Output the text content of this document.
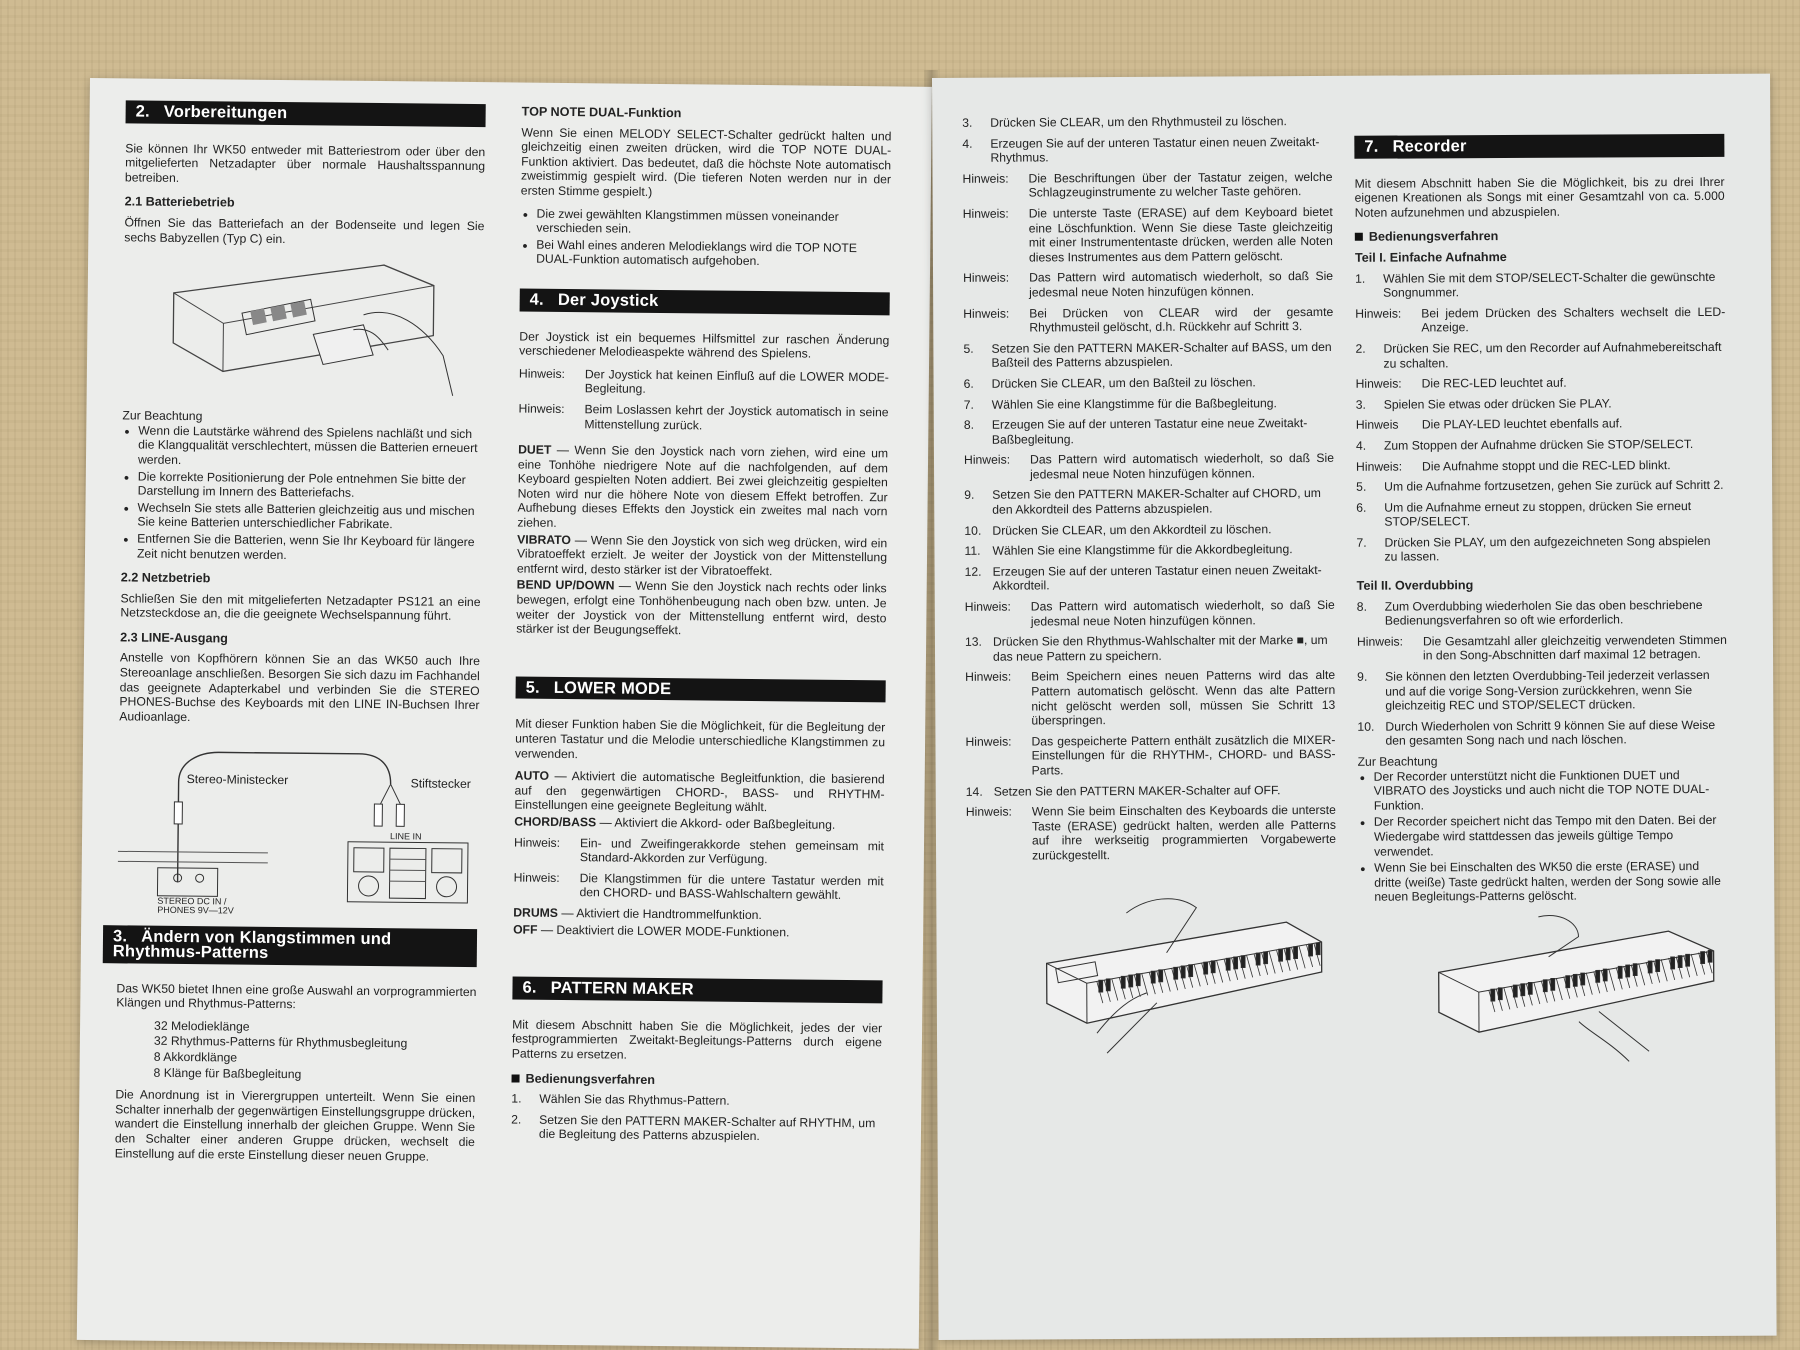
2. Vorbereitungen

Sie können Ihr WK50 entweder mit Batteriestrom oder über den mitgelieferten Netzadapter über normale Haushaltsspannung betreiben.

2.1 Batteriebetrieb

Öffnen Sie das Batteriefach an der Bodenseite und legen Sie sechs Babyzellen (Typ C) ein.

Zur Beachtung
● Wenn die Lautstärke während des Spielens nachläßt und sich die Klangqualität verschlechtert, müssen die Batterien erneuert werden.
● Die korrekte Positionierung der Pole entnehmen Sie bitte der Darstellung im Innern des Batteriefachs.
● Wechseln Sie stets alle Batterien gleichzeitig aus und mischen Sie keine Batterien unterschiedlicher Fabrikate.
● Entfernen Sie die Batterien, wenn Sie Ihr Keyboard für längere Zeit nicht benutzen werden.
2.2 Netzbetrieb

Schließen Sie den mit mitgelieferten Netzadapter PS121 an eine Netzsteckdose an, die die geeignete Wechselspannung führt.

2.3 LINE-Ausgang

Anstelle von Kopfhörern können Sie an das WK50 auch Ihre Stereoanlage anschließen. Besorgen Sie sich dazu im Fachhandel das geeignete Adapterkabel und verbinden Sie die STEREO PHONES-Buchse des Keyboards mit den LINE IN-Buchsen Ihrer Audioanlage.

Stereo-Ministecker	Stiftstecker
LINE IN
STEREO DC IN / PHONES 9V—12V
3. Ändern von Klangstimmen und Rhythmus-Patterns

Das WK50 bietet Ihnen eine große Auswahl an vorprogrammierten Klängen und Rhythmus-Patterns:

32 Melodieklänge
32 Rhythmus-Patterns für Rhythmusbegleitung
8 Akkordklänge
8 Klänge für Baßbegleitung

Die Anordnung ist in Vierergruppen unterteilt. Wenn Sie einen Schalter innerhalb der gegenwärtigen Einstellungsgruppe drücken, wandert die Einstellung innerhalb der gleichen Gruppe. Wenn Sie den Schalter einer anderen Gruppe drücken, wechselt die Einstellung auf die erste Einstellung dieser neuen Gruppe.

TOP NOTE DUAL-Funktion

Wenn Sie einen MELODY SELECT-Schalter gedrückt halten und gleichzeitig einen zweiten drücken, wird die TOP NOTE DUAL-Funktion aktiviert. Das bedeutet, daß die höchste Note automatisch zweistimmig gespielt wird. (Die tieferen Noten werden nur in der ersten Stimme gespielt.)

● Die zwei gewählten Klangstimmen müssen voneinander verschieden sein.
● Bei Wahl eines anderen Melodieklangs wird die TOP NOTE DUAL-Funktion automatisch aufgehoben.
4. Der Joystick

Der Joystick ist ein bequemes Hilfsmittel zur raschen Änderung verschiedener Melodieaspekte während des Spielens.

Hinweis:	Der Joystick hat keinen Einfluß auf die LOWER MODE-Begleitung.
Hinweis:	Beim Loslassen kehrt der Joystick automatisch in seine Mittenstellung zurück.

DUET — Wenn Sie den Joystick nach vorn ziehen, wird eine um eine Tonhöhe niedrigere Note auf die nachfolgenden, auf dem Keyboard gespielten Noten addiert. Bei zwei gleichzeitig gespielten Noten wird nur die höhere Note von diesem Effekt betroffen. Zur Aufhebung dieses Effekts den Joystick ein zweites mal nach vorn ziehen.

VIBRATO — Wenn Sie den Joystick von sich weg drücken, wird ein Vibratoeffekt erzielt. Je weiter der Joystick von der Mittenstellung entfernt wird, desto stärker ist der Vibratoeffekt.

BEND UP/DOWN — Wenn Sie den Joystick nach rechts oder links bewegen, erfolgt eine Tonhöhenbeugung nach oben bzw. unten. Je weiter der Joystick von der Mittenstellung entfernt wird, desto stärker ist der Beugungseffekt.

5. LOWER MODE

Mit dieser Funktion haben Sie die Möglichkeit, für die Begleitung der unteren Tastatur und die Melodie unterschiedliche Klangstimmen zu verwenden.

AUTO — Aktiviert die automatische Begleitfunktion, die basierend auf den gegenwärtigen CHORD-, BASS- und RHYTHM-Einstellungen eine geeignete Begleitung wählt.

CHORD/BASS — Aktiviert die Akkord- oder Baßbegleitung.

Hinweis:	Ein- und Zweifingerakkorde stehen gemeinsam mit Standard-Akkorden zur Verfügung.
Hinweis:	Die Klangstimmen für die untere Tastatur werden mit den CHORD- und BASS-Wahlschaltern gewählt.

DRUMS — Aktiviert die Handtrommelfunktion.

OFF — Deaktiviert die LOWER MODE-Funktionen.

6. PATTERN MAKER

Mit diesem Abschnitt haben Sie die Möglichkeit, jedes der vier festprogrammierten Zweitakt-Begleitungs-Patterns durch eigene Patterns zu ersetzen.

Bedienungsverfahren
1.	Wählen Sie das Rhythmus-Pattern.
2.	Setzen Sie den PATTERN MAKER-Schalter auf RHYTHM, um die Begleitung des Patterns abzuspielen.
3.	Drücken Sie CLEAR, um den Rhythmusteil zu löschen.
4.	Erzeugen Sie auf der unteren Tastatur einen neuen Zweitakt-Rhythmus.
Hinweis:	Die Beschriftungen über der Tastatur zeigen, welche Schlagzeuginstrumente zu welcher Taste gehören.
Hinweis:	Die unterste Taste (ERASE) auf dem Keyboard bietet eine Löschfunktion. Wenn Sie diese Taste gleichzeitig mit einer Instrumententaste drücken, werden alle Noten dieses Instrumentes aus dem Pattern gelöscht.
Hinweis:	Das Pattern wird automatisch wiederholt, so daß Sie jedesmal neue Noten hinzufügen können.
Hinweis:	Bei Drücken von CLEAR wird der gesamte Rhythmusteil gelöscht, d.h. Rückkehr auf Schritt 3.
5.	Setzen Sie den PATTERN MAKER-Schalter auf BASS, um den Baßteil des Patterns abzuspielen.
6.	Drücken Sie CLEAR, um den Baßteil zu löschen.
7.	Wählen Sie eine Klangstimme für die Baßbegleitung.
8.	Erzeugen Sie auf der unteren Tastatur eine neue Zweitakt-Baßbegleitung.
Hinweis:	Das Pattern wird automatisch wiederholt, so daß Sie jedesmal neue Noten hinzufügen können.
9.	Setzen Sie den PATTERN MAKER-Schalter auf CHORD, um den Akkordteil des Patterns abzuspielen.
10. Drücken Sie CLEAR, um den Akkordteil zu löschen.
11. Wählen Sie eine Klangstimme für die Akkordbegleitung.
12. Erzeugen Sie auf der unteren Tastatur einen neuen Zweitakt-Akkordteil.
Hinweis:	Das Pattern wird automatisch wiederholt, so daß Sie jedesmal neue Noten hinzufügen können.
13. Drücken Sie den Rhythmus-Wahlschalter mit der Marke ■, um das neue Pattern zu speichern.
Hinweis:	Beim Speichern eines neuen Patterns wird das alte Pattern automatisch gelöscht. Wenn das alte Pattern nicht gelöscht werden soll, müssen Sie Schritt 13 überspringen.
Hinweis:	Das gespeicherte Pattern enthält zusätzlich die MIXER-Einstellungen für die RHYTHM-, CHORD- und BASS-Parts.
14. Setzen Sie den PATTERN MAKER-Schalter auf OFF.
Hinweis:	Wenn Sie beim Einschalten des Keyboards die unterste Taste (ERASE) gedrückt halten, werden alle Patterns auf ihre werkseitig programmierten Vorgabewerte zurückgestellt.
7. Recorder

Mit diesem Abschnitt haben Sie die Möglichkeit, bis zu drei Ihrer eigenen Kreationen als Songs mit einer Gesamtzahl von ca. 5.000 Noten aufzunehmen und abzuspielen.

Bedienungsverfahren
Teil I. Einfache Aufnahme
1.	Wählen Sie mit dem STOP/SELECT-Schalter die gewünschte Songnummer.
Hinweis:	Bei jedem Drücken des Schalters wechselt die LED-Anzeige.
2.	Drücken Sie REC, um den Recorder auf Aufnahmebereitschaft zu schalten.
Hinweis:	Die REC-LED leuchtet auf.
3.	Spielen Sie etwas oder drücken Sie PLAY.
Hinweis	Die PLAY-LED leuchtet ebenfalls auf.
4.	Zum Stoppen der Aufnahme drücken Sie STOP/SELECT.
Hinweis:	Die Aufnahme stoppt und die REC-LED blinkt.
5.	Um die Aufnahme fortzusetzen, gehen Sie zurück auf Schritt 2.
6.	Um die Aufnahme erneut zu stoppen, drücken Sie erneut STOP/SELECT.
7.	Drücken Sie PLAY, um den aufgezeichneten Song abspielen zu lassen.
Teil II. Overdubbing
8.	Zum Overdubbing wiederholen Sie das oben beschriebene Bedienungsverfahren so oft wie erforderlich.
Hinweis:	Die Gesamtzahl aller gleichzeitig verwendeten Stimmen in den Song-Abschnitten darf maximal 12 betragen.
9.	Sie können den letzten Overdubbing-Teil jederzeit verlassen und auf die vorige Song-Version zurückkehren, wenn Sie gleichzeitig REC und STOP/SELECT drücken.
10. Durch Wiederholen von Schritt 9 können Sie auf diese Weise den gesamten Song nach und nach löschen.
Zur Beachtung
● Der Recorder unterstützt nicht die Funktionen DUET und VIBRATO des Joysticks und auch nicht die TOP NOTE DUAL-Funktion.
● Der Recorder speichert nicht das Tempo mit den Daten. Bei der Wiedergabe wird stattdessen das jeweils gültige Tempo verwendet.
● Wenn Sie bei Einschalten des WK50 die erste (ERASE) und dritte (weiße) Taste gedrückt halten, werden der Song sowie alle neuen Begleitungs-Patterns gelöscht.
